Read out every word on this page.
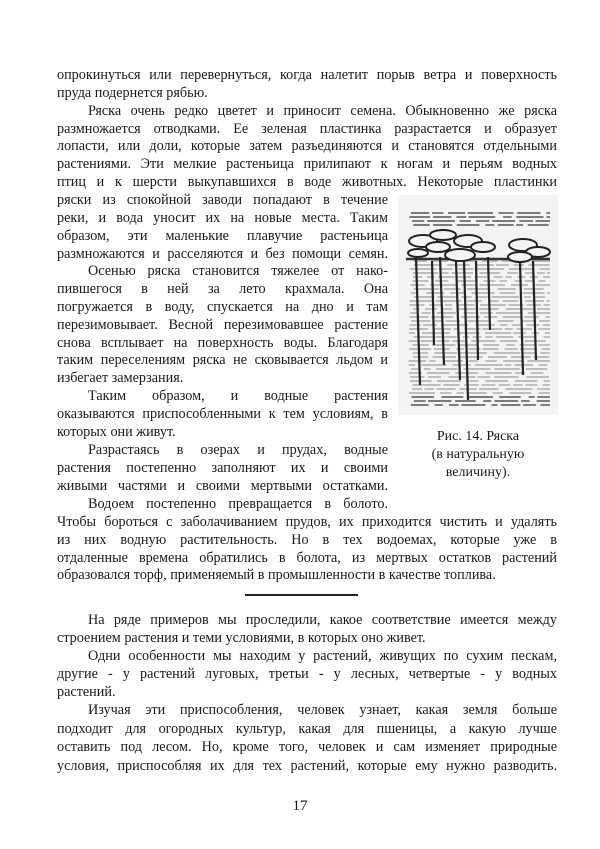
опрокинуться или перевернуться, когда налетит порыв ветра и поверхность
пруда подернется рябью.
Ряска очень редко цветет и приносит семена. Обыкновенно же ряска
размножается отводками. Ее зеленая пластинка разрастается и образует
лопасти, или доли, которые затем разъединяются и становятся отдельными
растениями. Эти мелкие растеньица прилипают к ногам и перьям водных
птиц и к шерсти выкупавшихся в воде животных. Некоторые пластинки
ряски из спокойной заводи попадают в течение
реки, и вода уносит их на новые места. Таким
образом, эти маленькие плавучие растеньица
размножаются и расселяются и без помощи семян.
Осенью ряска становится тяжелее от нако-
пившегося в ней за лето крахмала. Она
погружается в воду, спускается на дно и там
перезимовывает. Весной перезимовавшее растение
снова всплывает на поверхность воды. Благодаря
таким переселениям ряска не сковывается льдом и
избегает замерзания.
Таким образом, и водные растения
оказываются приспособленными к тем условиям, в
которых они живут.
Разрастаясь в озерах и прудах, водные
растения постепенно заполняют их и своими
живыми частями и своими мертвыми остатками.
Водоем постепенно превращается в болото.
Чтобы бороться с заболачиванием прудов, их приходится чистить и удалять
из них водную растительность. Но в тех водоемах, которые уже в
отдаленные времена обратились в болота, из мертвых остатков растений
образовался торф, применяемый в промышленности в качестве топлива.
На ряде примеров мы проследили, какое соответствие имеется между
строением растения и теми условиями, в которых оно живет.
Одни особенности мы находим у растений, живущих по сухим пескам,
другие - у растений луговых, третьи - у лесных, четвертые - у водных
растений.
Изучая эти приспособления, человек узнает, какая земля больше
подходит для огородных культур, какая для пшеницы, а какую лучше
оставить под лесом. Но, кроме того, человек и сам изменяет природные
условия, приспособляя их для тех растений, которые ему нужно разводить.
Рис. 14. Ряска
(в натуральную
величину).
17
